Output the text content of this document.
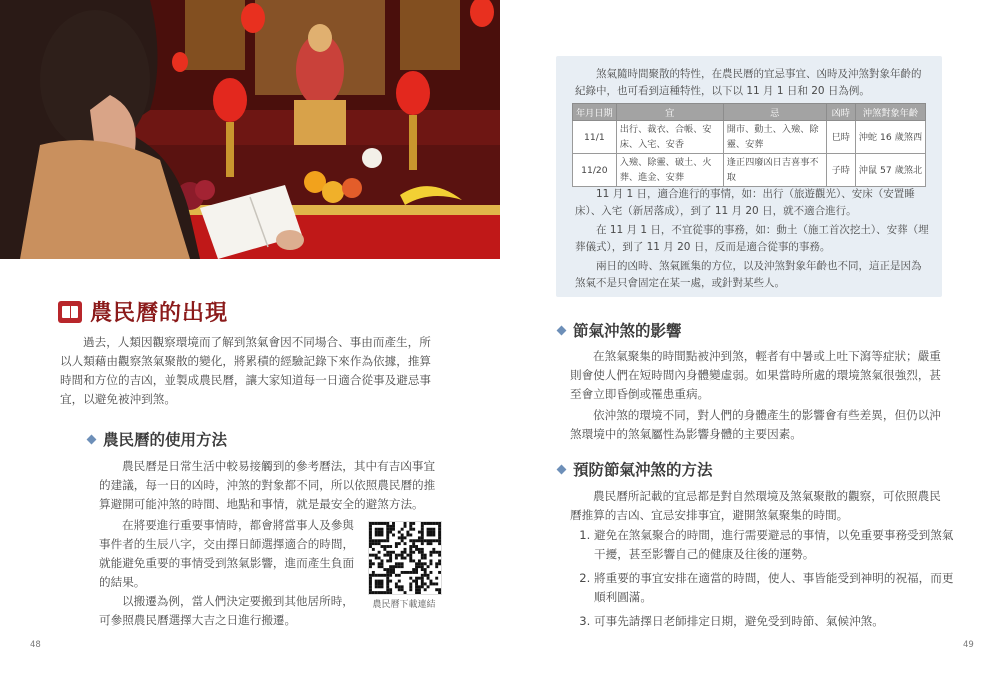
農民曆的出現
過去，人類因觀察環境而了解到煞氣會因不同場合、事由而產生，所以人類藉由觀察煞氣聚散的變化，將累積的經驗記錄下來作為依據，推算時間和方位的吉凶，並製成農民曆，讓大家知道每一日適合從事及避忌事宜，以避免被沖到煞。
農民曆的使用方法
農民曆是日常生活中較易接觸到的參考曆法，其中有吉凶事宜的建議，每一日的凶時，沖煞的對象都不同，所以依照農民曆的推算避開可能沖煞的時間、地點和事情，就是最安全的避煞方法。
在將要進行重要事情時，都會將當事人及參與事件者的生辰八字，交由擇日師選擇適合的時間，就能避免重要的事情受到煞氣影響，進而產生負面的結果。
以搬遷為例，當人們決定要搬到其他居所時，可參照農民曆選擇大吉之日進行搬遷。
農民曆下載連結
48
煞氣隨時間聚散的特性，在農民曆的宜忌事宜、凶時及沖煞對象年齡的紀錄中，也可看到這種特性，以下以 11 月 1 日和 20 日為例。
年月日期	宜	忌	凶時	沖煞對象年齡
11/1	出行、裁衣、合帳、安床、入宅、安香	開市、動土、入殮、除靈、安葬	巳時	沖蛇 16 歲煞西
11/20	入殮、除靈、破土、火葬、進金、安葬	逢正四廢凶日吉喜事不取	子時	沖鼠 57 歲煞北
11 月 1 日，適合進行的事情，如：出行（旅遊觀光）、安床（安置睡床）、入宅（新居落成），到了 11 月 20 日，就不適合進行。
在 11 月 1 日，不宜從事的事務，如：動土（施工首次挖土）、安葬（埋葬儀式），到了 11 月 20 日，反而是適合從事的事務。
兩日的凶時、煞氣匯集的方位，以及沖煞對象年齡也不同，這正是因為煞氣不是只會固定在某一處，或針對某些人。
節氣沖煞的影響
在煞氣聚集的時間點被沖到煞，輕者有中暑或上吐下瀉等症狀；嚴重則會使人們在短時間內身體變虛弱。如果當時所處的環境煞氣很強烈，甚至會立即昏倒或罹患重病。
依沖煞的環境不同，對人們的身體產生的影響會有些差異，但仍以沖煞環境中的煞氣屬性為影響身體的主要因素。
預防節氣沖煞的方法
農民曆所記載的宜忌都是對自然環境及煞氣聚散的觀察，可依照農民曆推算的吉凶、宜忌安排事宜，避開煞氣聚集的時間。
1. 避免在煞氣聚合的時間，進行需要避忌的事情，以免重要事務受到煞氣干擾，甚至影響自己的健康及往後的運勢。
2. 將重要的事宜安排在適當的時間，使人、事皆能受到神明的祝福，而更順利圓滿。
3. 可事先請擇日老師排定日期，避免受到時節、氣候沖煞。
49
